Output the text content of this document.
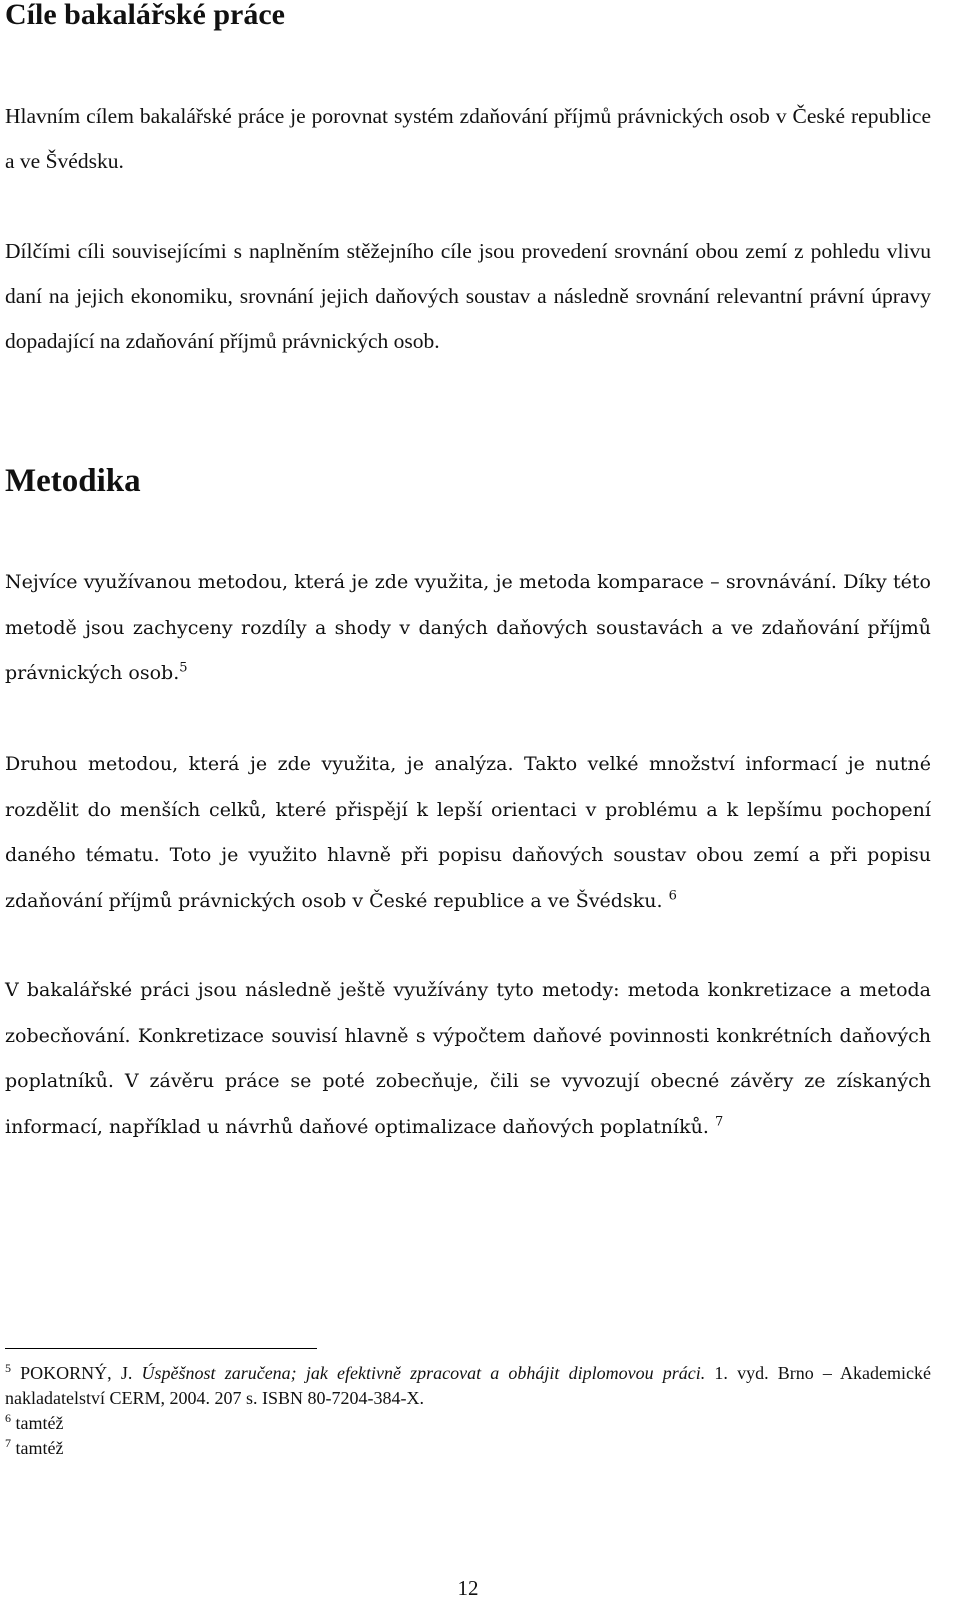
Cíle bakalářské práce

Hlavním cílem bakalářské práce je porovnat systém zdaňování příjmů právnických osob v České republice a ve Švédsku.

Dílčími cíli souvisejícími s naplněním stěžejního cíle jsou provedení srovnání obou zemí z pohledu vlivu daní na jejich ekonomiku, srovnání jejich daňových soustav a následně srovnání relevantní právní úpravy dopadající na zdaňování příjmů právnických osob.

Metodika

Nejvíce využívanou metodou, která je zde využita, je metoda komparace – srovnávání. Díky této metodě jsou zachyceny rozdíly a shody v daných daňových soustavách a ve zdaňování příjmů právnických osob.$^5$

Druhou metodou, která je zde využita, je analýza. Takto velké množství informací je nutné rozdělit do menších celků, které přispějí k lepší orientaci v problému a k lepšímu pochopení daného tématu. Toto je využito hlavně při popisu daňových soustav obou zemí a při popisu zdaňování příjmů právnických osob v České republice a ve Švédsku. $^6$

V bakalářské práci jsou následně ještě využívány tyto metody: metoda konkretizace a metoda zobecňování. Konkretizace souvisí hlavně s výpočtem daňové povinnosti konkrétních daňových poplatníků. V závěru práce se poté zobecňuje, čili se vyvozují obecné závěry ze získaných informací, například u návrhů daňové optimalizace daňových poplatníků. $^7$

$^5$ POKORNÝ, J. Úspěšnost zaručena; jak efektivně zpracovat a obhájit diplomovou práci. 1. vyd. Brno – Akademické nakladatelství CERM, 2004. 207 s. ISBN 80-7204-384-X.

$^6$ tamtéž

$^7$ tamtéž

12
